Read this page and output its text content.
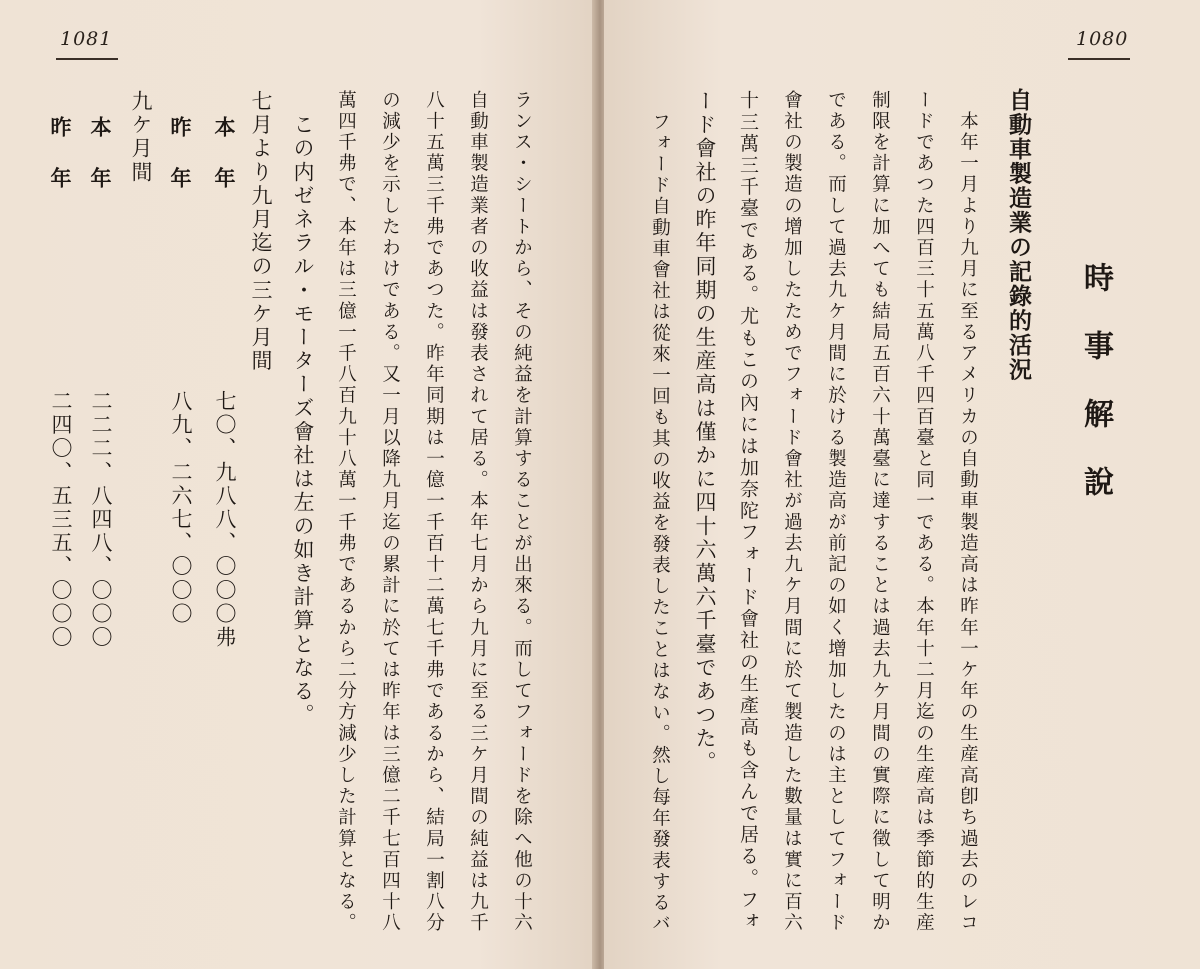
1081
ランス・シートから、その純益を計算することが出來る。而してフォードを除へ他の十六
自動車製造業者の收益は發表されて居る。本年七月から九月に至る三ケ月間の純益は九千
八十五萬三千弗であつた。昨年同期は一億一千百十二萬七千弗であるから、結局一割八分
の減少を示したわけである。又一月以降九月迄の累計に於ては昨年は三億二千七百四十八
萬四千弗で、本年は三億一千八百九十八萬一千弗であるから二分方減少した計算となる。
　この内ゼネラル・モーターズ會社は左の如き計算となる。
七月より九月迄の三ケ月間
本年
七〇、九八八、〇〇〇弗
昨年
八九、二六七、〇〇〇
九ケ月間
本年
二二二、八四八、〇〇〇
昨年
二四〇、五三五、〇〇〇
1080
時事解說
自動車製造業の記錄的活況
　本年一月より九月に至るアメリカの自動車製造高は昨年一ケ年の生産高卽ち過去のレコ
ードであつた四百三十五萬八千四百臺と同一である。本年十二月迄の生産高は季節的生産
制限を計算に加へても結局五百六十萬臺に達することは過去九ケ月間の實際に徵して明か
である。而して過去九ケ月間に於ける製造高が前記の如く增加したのは主としてフォード
會社の製造の增加したためでフォード會社が過去九ケ月間に於て製造した數量は實に百六
十三萬三千臺である。尤もこの內には加奈陀フォード會社の生產高も含んで居る。フォ
ード會社の昨年同期の生産高は僅かに四十六萬六千臺であつた。
フォード自動車會社は從來一回も其の收益を發表したことはない。然し每年發表するバ
